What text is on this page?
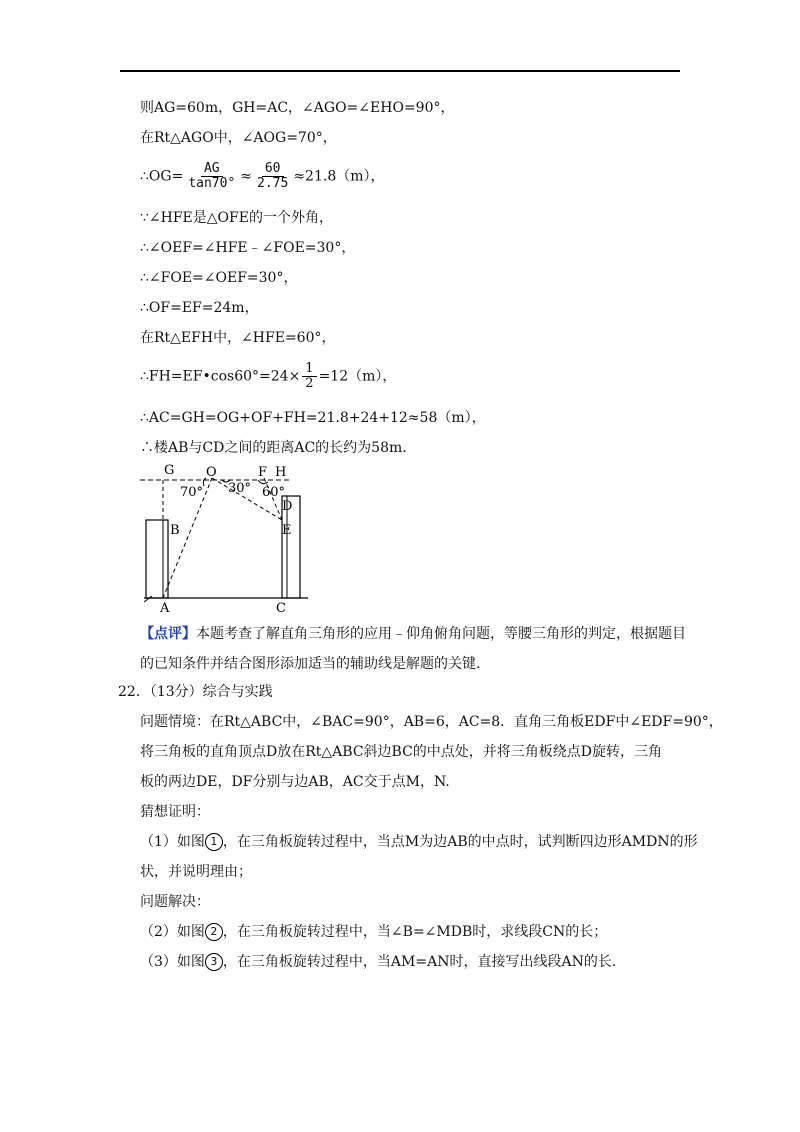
则AG=60m，GH=AC，∠AGO=∠EHO=90°，
在Rt△AGO中，∠AOG=70°，
∴OG= $\frac{AG}{\tan 70^\circ} \approx \frac{60}{2.75} \approx 21.8(m)$，
∵∠HFE是△OFE的一个外角，
∴∠OEF=∠HFE﹣∠FOE=30°，
∴∠FOE=∠OEF=30°，
∴OF=EF=24m，
在Rt△EFH中，∠HFE=60°，
∴FH=EF•cos60°=24× $\frac{1}{2} =12(m)$，
∴AC=GH=OG+OF+FH=21.8+24+12≈58（m），
∴楼AB与CD之间的距离AC的长约为58m.
G O	F H
D
E
B
A	C
70° 30° 60°
【点评】本题考查了解直角三角形的应用﹣仰角俯角问题，等腰三角形的判定，根据题目
的已知条件并结合图形添加适当的辅助线是解题的关键.
22．（13分）综合与实践
问题情境：在Rt△ABC中，∠BAC=90°，AB=6，AC=8．直角三角板EDF中∠EDF=90°，
将三角板的直角顶点D放在Rt△ABC斜边BC的中点处，并将三角板绕点D旋转，三角
板的两边DE，DF分别与边AB，AC交于点M，N.
猜想证明：
（1）如图 1 ，在三角板旋转过程中，当点M为边AB的中点时，试判断四边形AMDN的形
状，并说明理由；
问题解决：
（2）如图 2 ，在三角板旋转过程中，当∠B=∠MDB时，求线段CN的长；
（3）如图 3 ，在三角板旋转过程中，当AM=AN时，直接写出线段AN的长.
